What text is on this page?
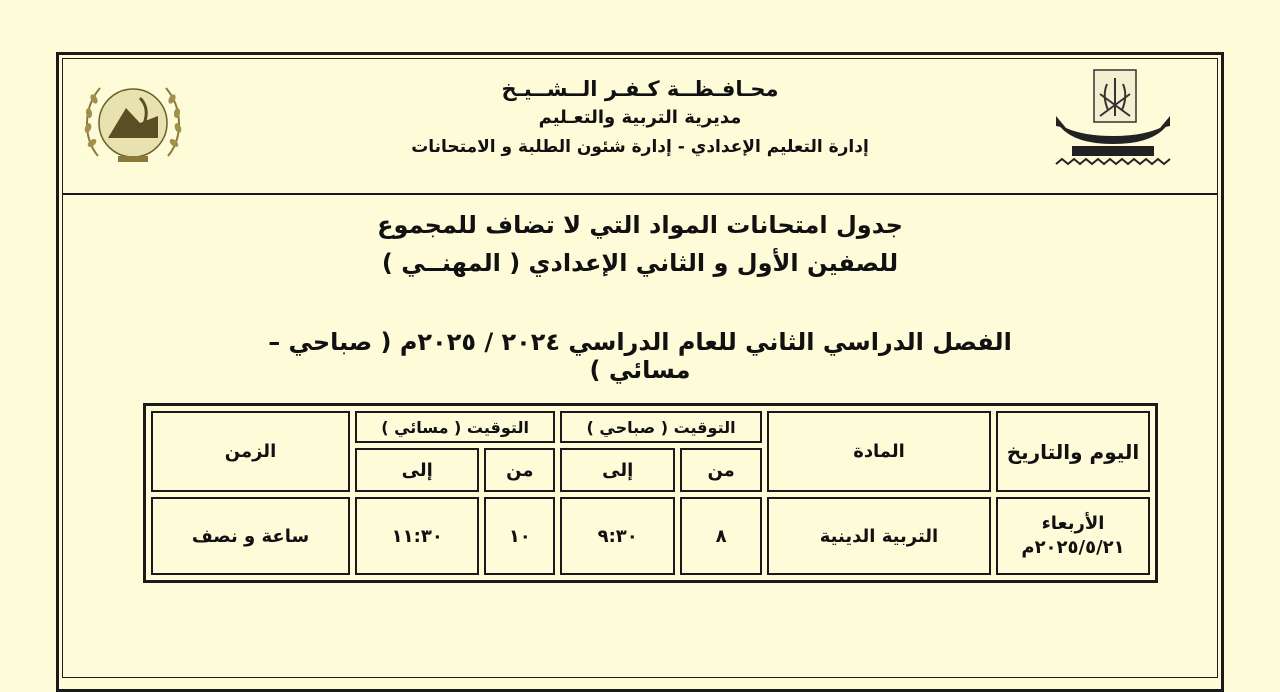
محـافـظــة كـفـر الــشــيـخ
مديرية التربية والتعـليم
إدارة التعليم الإعدادي - إدارة شئون الطلبة و الامتحانات
جدول امتحانات المواد التي لا تضاف للمجموع
للصفين الأول و الثاني الإعدادي ( المهنــي )
الفصل الدراسي الثاني للعام الدراسي ٢٠٢٤ / ٢٠٢٥م ( صباحي – مسائي )
اليوم والتاريخ	المادة	التوقيت ( صباحي )		التوقيت ( مسائي )		الزمن
		من	إلى	من	إلى	

الأربعاء
٢٠٢٥/٥/٢١م	التربية الدينية	٨	٩:٣٠	١٠	١١:٣٠	ساعة و نصف
